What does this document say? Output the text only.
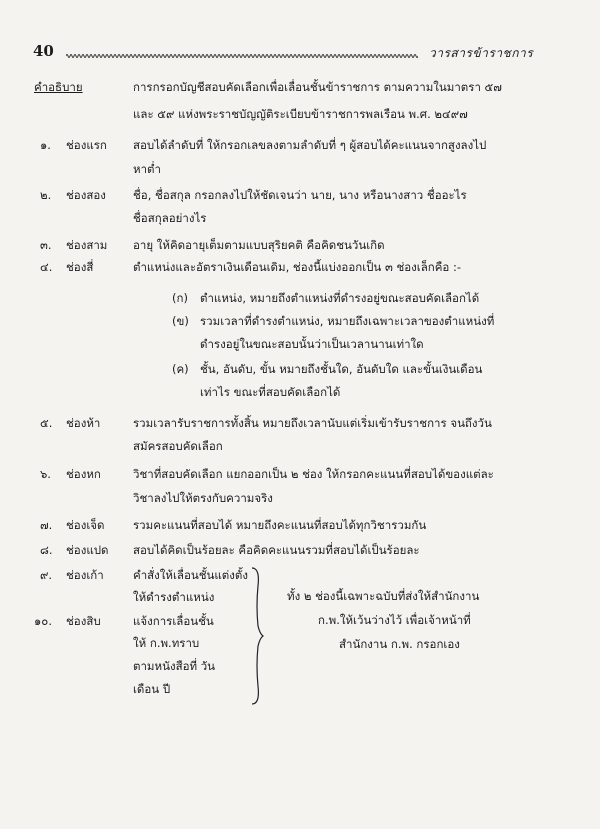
40	วารสารข้าราชการ
คำอธิบาย	การกรอกบัญชีสอบคัดเลือกเพื่อเลื่อนชั้นข้าราชการ ตามความในมาตรา ๕๗
และ ๕๙ แห่งพระราชบัญญัติระเบียบข้าราชการพลเรือน พ.ศ. ๒๔๙๗
๑. ช่องแรก สอบได้ลำดับที่ ให้กรอกเลขลงตามลำดับที่ ๆ ผู้สอบได้คะแนนจากสูงลงไป
หาต่ำ
๒. ช่องสอง ชื่อ, ชื่อสกุล กรอกลงไปให้ชัดเจนว่า นาย, นาง หรือนางสาว ชื่ออะไร
ชื่อสกุลอย่างไร
๓. ช่องสาม อายุ ให้คิดอายุเต็มตามแบบสุริยคติ คือคิดชนวันเกิด
๔. ช่องสี่	ตำแหน่งและอัตราเงินเดือนเดิม, ช่องนี้แบ่งออกเป็น ๓ ช่องเล็กคือ :-
(ก) ตำแหน่ง, หมายถึงตำแหน่งที่ดำรงอยู่ขณะสอบคัดเลือกได้
(ข) รวมเวลาที่ดำรงตำแหน่ง, หมายถึงเฉพาะเวลาของตำแหน่งที่
ดำรงอยู่ในขณะสอบนั้นว่าเป็นเวลานานเท่าใด
(ค) ชั้น, อันดับ, ขั้น หมายถึงชั้นใด, อันดับใด และขั้นเงินเดือน
เท่าไร ขณะที่สอบคัดเลือกได้
๕. ช่องห้า	รวมเวลารับราชการทั้งสิ้น หมายถึงเวลานับแต่เริ่มเข้ารับราชการ จนถึงวัน
สมัครสอบคัดเลือก
๖. ช่องหก	วิชาที่สอบคัดเลือก แยกออกเป็น ๒ ช่อง ให้กรอกคะแนนที่สอบได้ของแต่ละ
วิชาลงไปให้ตรงกับความจริง
๗. ช่องเจ็ด รวมคะแนนที่สอบได้ หมายถึงคะแนนที่สอบได้ทุกวิชารวมกัน
๘. ช่องแปด สอบได้คิดเป็นร้อยละ คือคิดคะแนนรวมที่สอบได้เป็นร้อยละ
๙. ช่องเก้า	คำสั่งให้เลื่อนชั้นแต่งตั้ง
ให้ดำรงตำแหน่ง
๑๐. ช่องสิบ	แจ้งการเลื่อนชั้น
ให้ ก.พ.ทราบ
ตามหนังสือที่ วัน
เดือน ปี
ทั้ง ๒ ช่องนี้เฉพาะฉบับที่ส่งให้สำนักงาน
ก.พ.ให้เว้นว่างไว้ เพื่อเจ้าหน้าที่
สำนักงาน ก.พ. กรอกเอง
